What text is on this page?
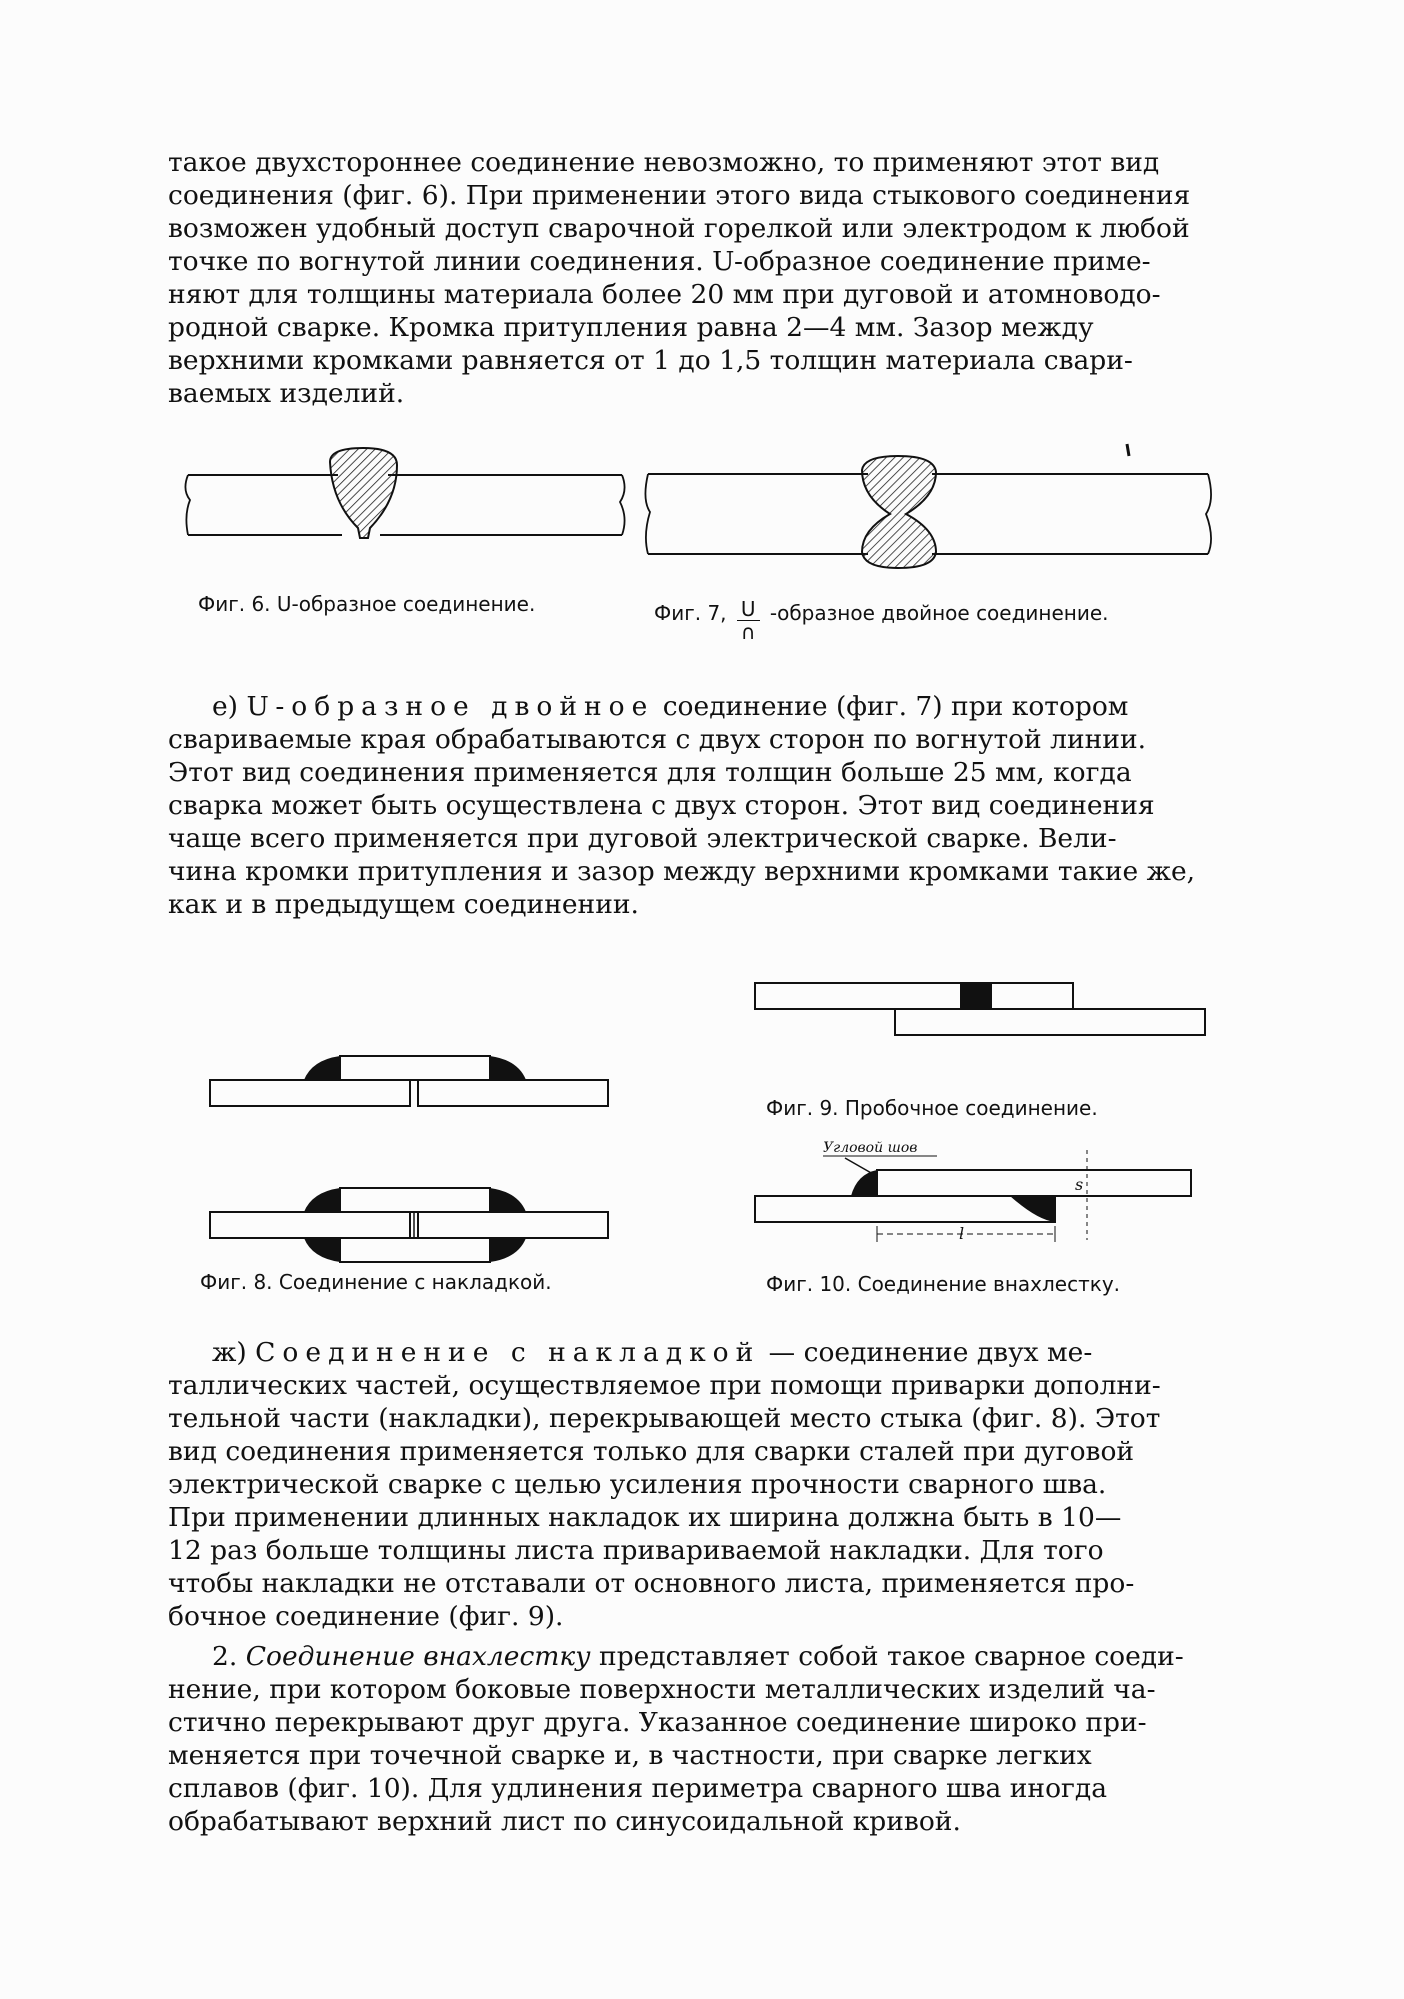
такое двухстороннее соединение невозможно, то применяют этот вид

соединения (фиг. 6). При применении этого вида стыкового соединения

возможен удобный доступ сварочной горелкой или электродом к любой

точке по вогнутой линии соединения. U-образное соединение приме-

няют для толщины материала более 20 мм при дуговой и атомноводо-

родной сварке. Кромка притупления равна 2—4 мм. Зазор между

верхними кромками равняется от 1 до 1,5 толщин материала свари-

ваемых изделий.

Фиг. 6. U-образное соединение.	Фиг. 7, $\frac{U}{\cap}$ -образное двойное соединение.

е) U-образное двойное соединение (фиг. 7) при котором

свариваемые края обрабатываются с двух сторон по вогнутой линии.

Этот вид соединения применяется для толщин больше 25 мм, когда

сварка может быть осуществлена с двух сторон. Этот вид соединения

чаще всего применяется при дуговой электрической сварке. Вели-

чина кромки притупления и зазор между верхними кромками такие же,

как и в предыдущем соединении.

Фиг. 8. Соединение с накладкой.
Фиг. 9. Пробочное соединение.
Угловой шов
s
l
Фиг. 10. Соединение внахлестку.

ж) Соединение с накладкой — соединение двух ме-

таллических частей, осуществляемое при помощи приварки дополни-

тельной части (накладки), перекрывающей место стыка (фиг. 8). Этот

вид соединения применяется только для сварки сталей при дуговой

электрической сварке с целью усиления прочности сварного шва.

При применении длинных накладок их ширина должна быть в 10—

12 раз больше толщины листа привариваемой накладки. Для того

чтобы накладки не отставали от основного листа, применяется про-

бочное соединение (фиг. 9).

2. Соединение внахлестку представляет собой такое сварное соеди-

нение, при котором боковые поверхности металлических изделий ча-

стично перекрывают друг друга. Указанное соединение широко при-

меняется при точечной сварке и, в частности, при сварке легких

сплавов (фиг. 10). Для удлинения периметра сварного шва иногда

обрабатывают верхний лист по синусоидальной кривой.
